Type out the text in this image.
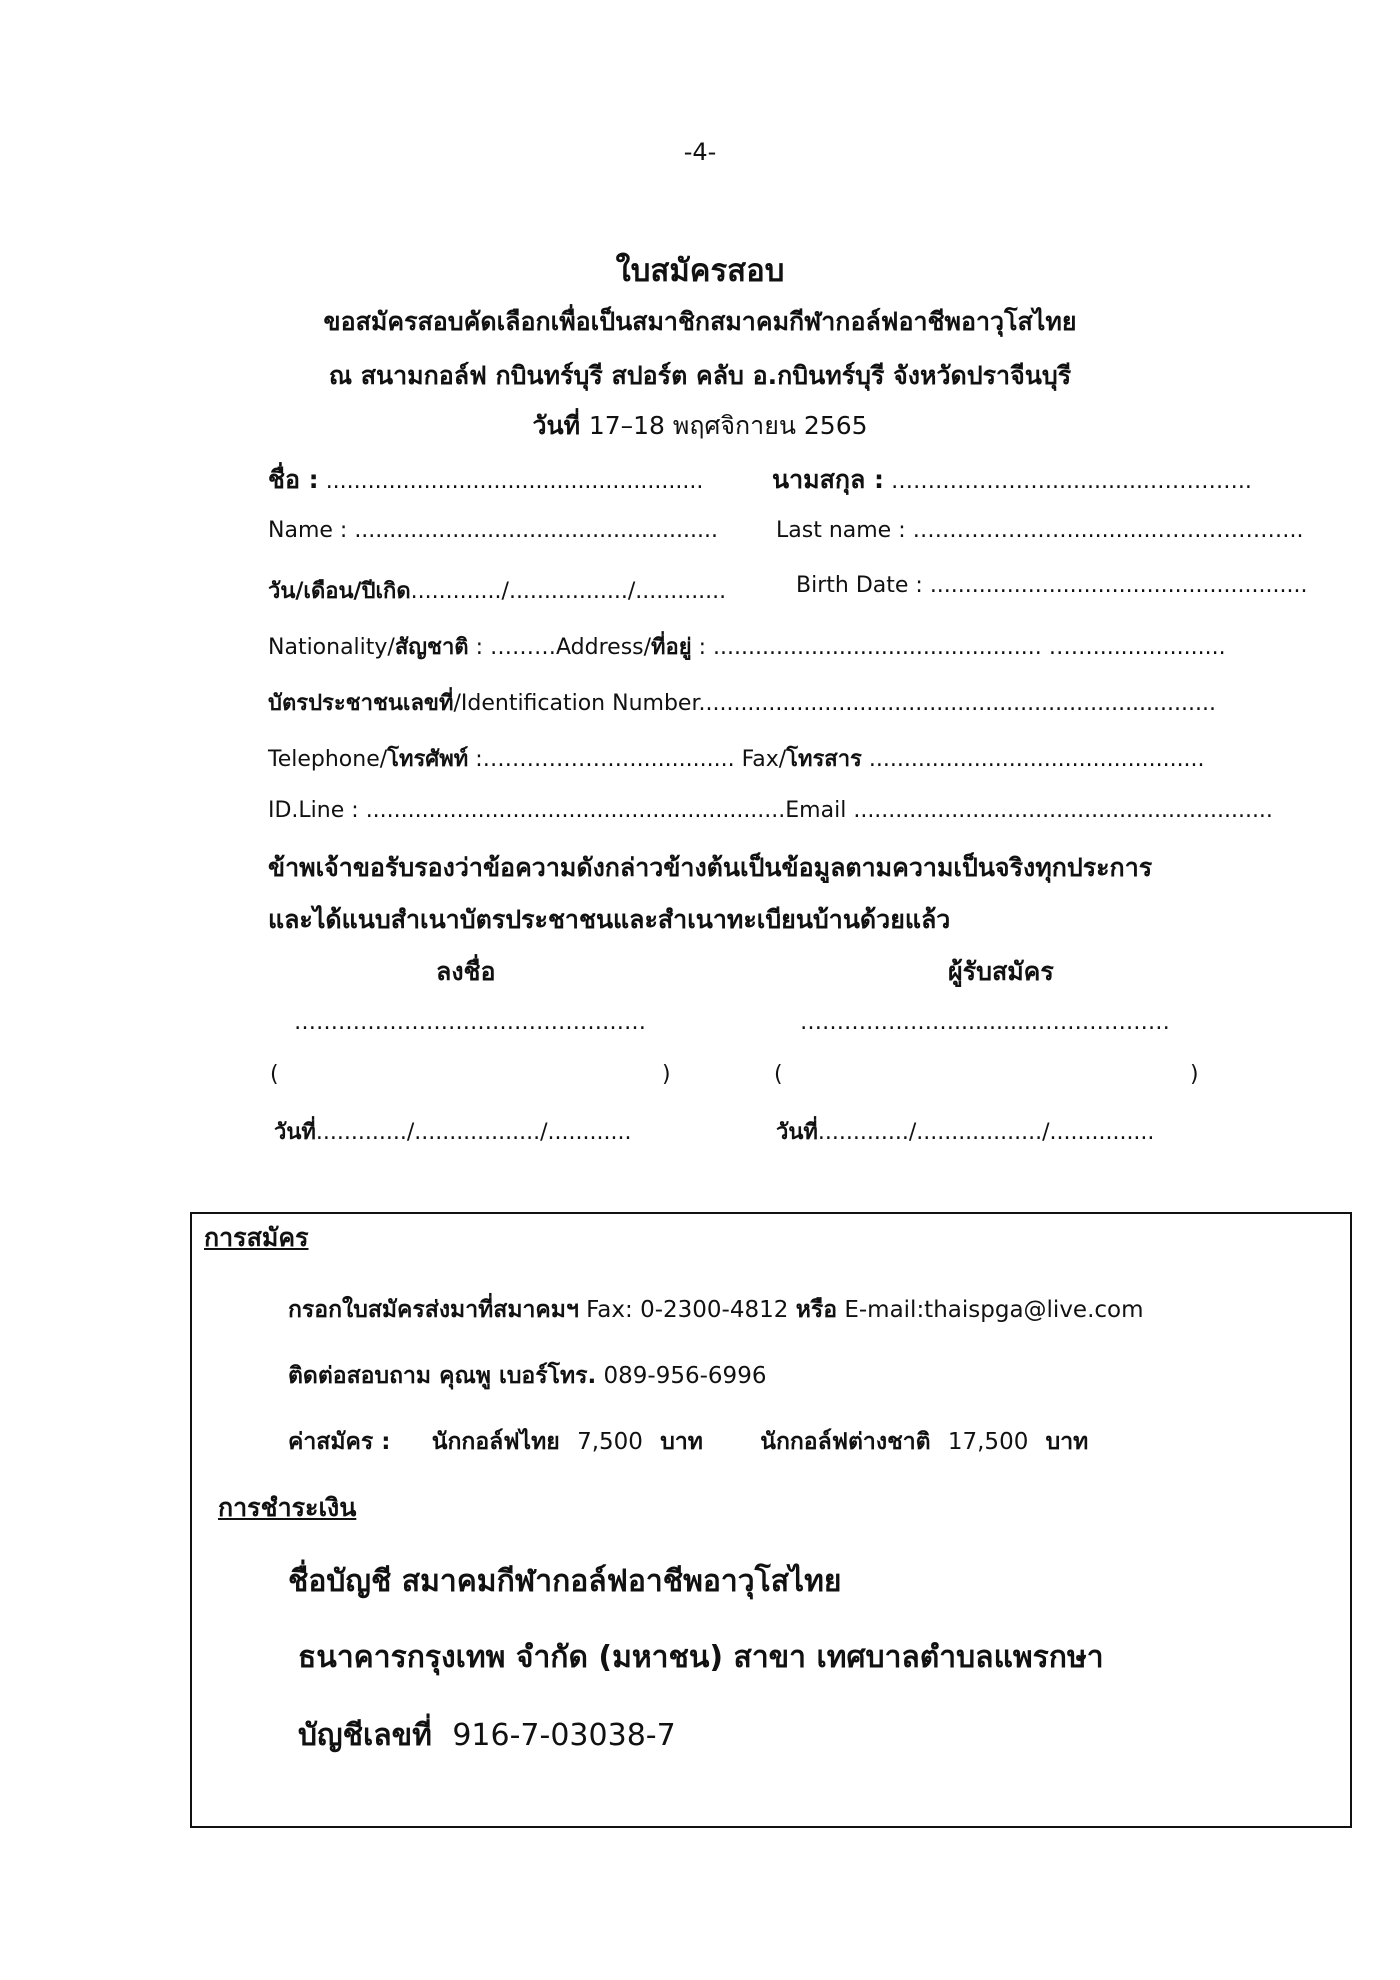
-4-
ใบสมัครสอบ
ขอสมัครสอบคัดเลือกเพื่อเป็นสมาชิกสมาคมกีฬากอล์ฟอาชีพอาวุโสไทย
ณ สนามกอล์ฟ กบินทร์บุรี สปอร์ต คลับ อ.กบินทร์บุรี จังหวัดปราจีนบุรี
วันที่ 17–18 พฤศจิกายน 2565
ชื่อ : ......................................................	นามสกุล : …………………...............…………..
Name : ....................................................	Last name : ………………….............………………..
วัน/เดือน/ปีเกิด............./................./.............	Birth Date : ......................................................
Nationality/สัญชาติ : ………Address/ที่อยู่ : ............................................... ……...................
บัตรประชาชนเลขที่/Identification Number..........................................................................
Telephone/โทรศัพท์ :………………….............. Fax/โทรสาร ................................................
ID.Line : ............................................................Email ............................................................
ข้าพเจ้าขอรับรองว่าข้อความดังกล่าวข้างต้นเป็นข้อมูลตามความเป็นจริงทุกประการ
และได้แนบสำเนาบัตรประชาชนและสำเนาทะเบียนบ้านด้วยแล้ว
ลงชื่อ	ผู้รับสมัคร
…………………………………………	…………………............………………
(	)	(	)
วันที่............./................../............	วันที่............./................../...............
การสมัคร
กรอกใบสมัครส่งมาที่สมาคมฯ Fax: 0-2300-4812 หรือ E-mail:thaispga@live.com
ติดต่อสอบถาม คุณพู เบอร์โทร. 089-956-6996
ค่าสมัคร : นักกอล์ฟไทย 7,500 บาท นักกอล์ฟต่างชาติ 17,500 บาท
การชำระเงิน
ชื่อบัญชี สมาคมกีฬากอล์ฟอาชีพอาวุโสไทย
ธนาคารกรุงเทพ จำกัด (มหาชน) สาขา เทศบาลตำบลแพรกษา
บัญชีเลขที่ 916-7-03038-7
